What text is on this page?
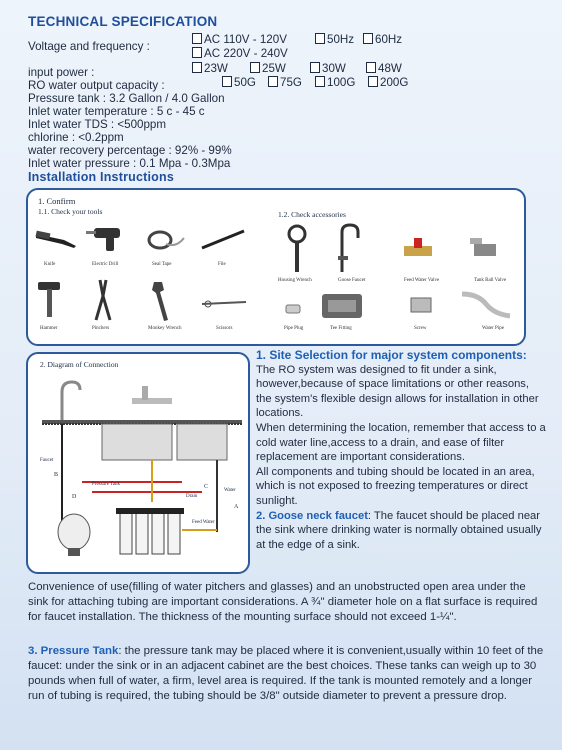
TECHNICAL SPECIFICATION
Voltage and frequency :
AC 110V - 120V
AC 220V - 240V
50Hz	60Hz
input power :	23W	25W	30W	48W
RO water output capacity :	50G	75G	100G	200G
Pressure tank : 3.2 Gallon / 4.0 Gallon
Inlet water temperature : 5 c - 45 c
Inlet water TDS : <500ppm
chlorine : <0.2ppm
water recovery percentage : 92% - 99%
Inlet water pressure : 0.1 Mpa - 0.3Mpa
Installation Instructions
1. Confirm
1.1. Check your tools	1.2. Check accessories
Knife	Electric Drill	Seal Tape	File
Hammer	Pinchers	Monkey Wrench	Scissors
Housing Wrench	Goose Faucet	Feed Water Valve	Tank Ball Valve
Pipe Plug	Tee Fitting	Screw	Water Pipe
2. Diagram of Connection
Faucet
A
B
C
D
Pressure Tank
Drain
Water
Feed Water

1. Site Selection for major system components:

The RO system was designed to fit under a sink, however,because of space limitations or other reasons, the system's flexible design allows for installation in other locations.

When determining the location, remember that access to a cold water line,access to a drain, and ease of filter replacement are important considerations.

All components and tubing should be located in an area, which is not exposed to freezing temperatures or direct sunlight.

2. Goose neck faucet: The faucet should be placed near the sink where drinking water is normally obtained usually at the edge of a sink.

Convenience of use(filling of water pitchers and glasses) and an unobstructed open area under the sink for attaching tubing are important considerations. A ¾" diameter hole on a flat surface is required for faucet installation. The thickness of the mounting surface should not exceed 1-¼".
3. Pressure Tank: the pressure tank may be placed where it is convenient,usually within 10 feet of the faucet: under the sink or in an adjacent cabinet are the best choices. These tanks can weigh up to 30 pounds when full of water, a firm, level area is required. If the tank is mounted remotely and a longer run of tubing is required, the tubing should be 3/8" outside diameter to prevent a pressure drop.
